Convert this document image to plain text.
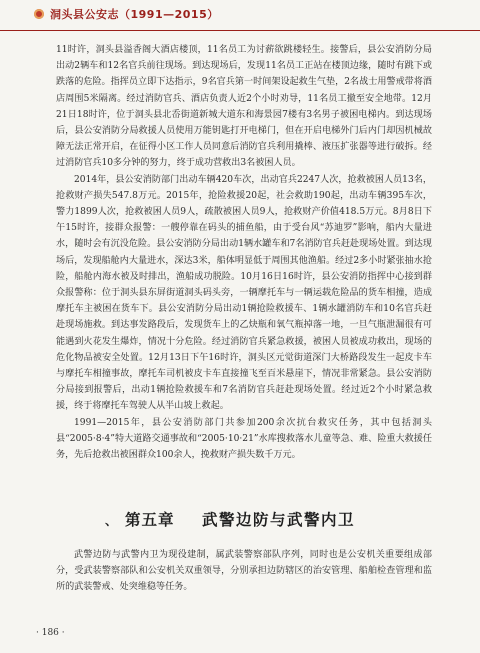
洞头县公安志（1991—2015）

11时许，洞头县溢香阁大酒店楼顶，11名员工为讨薪欲跳楼轻生。接警后，县公安消防分局出动2辆车和12名官兵前往现场。到达现场后，发现11名员工正站在楼顶边缘，随时有跳下或跌落的危险。指挥员立即下达指示，9名官兵第一时间架设起救生气垫，2名战士用警戒带将酒店周围5米隔离。经过消防官兵、酒店负责人近2个小时劝导，11名员工撤至安全地带。12月21日18时许，位于洞头县北岙街道新城大道东和海景园7楼有3名男子被困电梯内。到达现场后，县公安消防分局救援人员使用万能钥匙打开电梯门，但在开启电梯外门后内门却因机械故障无法正常开启，在征得小区工作人员同意后消防官兵利用撬棒、液压扩张器等进行破拆。经过消防官兵10多分钟的努力，终于成功营救出3名被困人员。

2014年，县公安消防部门出动车辆420车次，出动官兵2247人次，抢救被困人员13名，抢救财产损失547.8万元。2015年，抢险救援20起，社会救助190起，出动车辆395车次，警力1899人次，抢救被困人员9人，疏散被困人员9人，抢救财产价值418.5万元。8月8日下午15时许，接群众报警：一艘停靠在码头的捕鱼船，由于受台风“苏迪罗”影响，船内大量进水，随时会有沉没危险。县公安消防分局出动1辆水罐车和7名消防官兵赶赴现场处置。到达现场后，发现船舱内大量进水，深达3米，船体明显低于周围其他渔船。经过2多小时紧张抽水抢险，船舱内海水被及时排出，渔船成功脱险。10月16日16时许，县公安消防指挥中心接到群众报警称：位于洞头县东屏街道洞头码头旁，一辆摩托车与一辆运载危险品的货车相撞，造成摩托车主被困在货车下。县公安消防分局出动1辆抢险救援车、1辆水罐消防车和10名官兵赶赴现场施救。到达事发路段后，发现货车上的乙炔瓶和氧气瓶掉落一地，一旦气瓶泄漏很有可能遇到火花发生爆炸，情况十分危险。经过消防官兵紧急救援，被困人员被成功救出，现场的危化物品被安全处置。12月13日下午16时许，洞头区元觉街道深门大桥路段发生一起皮卡车与摩托车相撞事故，摩托车司机被皮卡车直接撞飞至百米悬崖下，情况非常紧急。县公安消防分局接到报警后，出动1辆抢险救援车和7名消防官兵赶赴现场处置。经过近2个小时紧急救援，终于将摩托车驾驶人从半山坡上救起。

1991—2015年，县公安消防部门共参加200余次抗台救灾任务，其中包括洞头县“2005·8·4”特大道路交通事故和“2005·10·21”水库搜救落水儿童等急、难、险重大救援任务，先后抢救出被困群众100余人，挽救财产损失数千万元。

、 第五章 武警边防与武警内卫

武警边防与武警内卫为现役建制，属武装警察部队序列，同时也是公安机关重要组成部分，受武装警察部队和公安机关双重领导，分别承担边防辖区的治安管理、船舶检查管理和监所的武装警戒、处突维稳等任务。

· 186 ·
